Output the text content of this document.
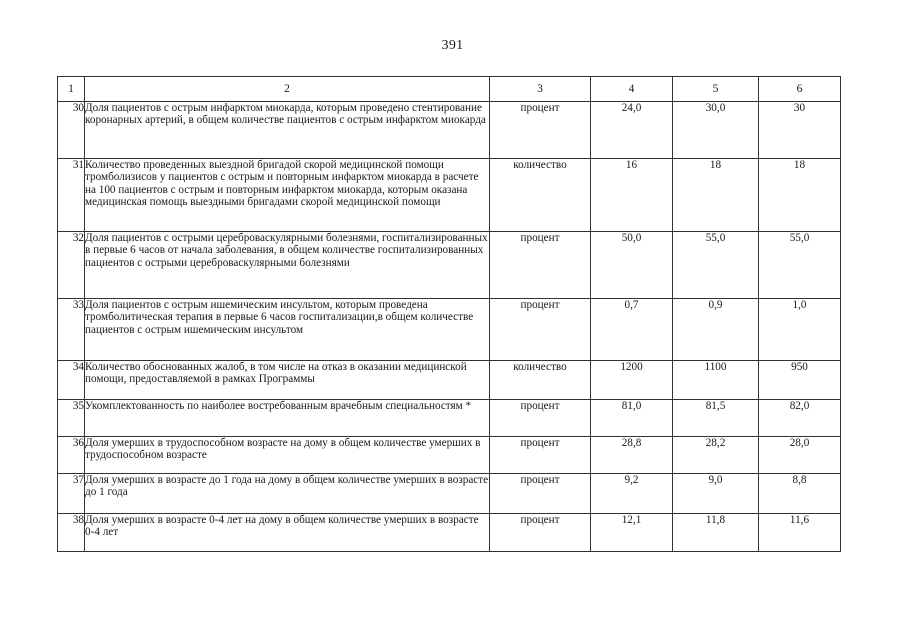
391
1	2	3	4	5	6
30	Доля пациентов с острым инфарктом миокарда, которым проведено стентирование коронарных артерий, в общем количестве пациентов с острым инфарктом миокарда	процент	24,0	30,0	30
31	Количество проведенных выездной бригадой скорой медицинской помощи тромболизисов у пациентов с острым и повторным инфарктом миокарда в расчете на 100 пациентов с острым и повторным инфарктом миокарда, которым оказана медицинская помощь выездными бригадами скорой медицинской помощи	количество	16	18	18
32	Доля пациентов с острыми цереброваскулярными болезнями, госпитализированных в первые 6 часов от начала заболевания, в общем количестве госпитализированных пациентов с острыми цереброваскулярными болезнями	процент	50,0	55,0	55,0
33	Доля пациентов с острым ишемическим инсультом, которым проведена тромболитическая терапия в первые 6 часов госпитализации,в общем количестве пациентов с острым ишемическим инсультом	процент	0,7	0,9	1,0
34	Количество обоснованных жалоб, в том числе на отказ в оказании медицинской помощи, предоставляемой в рамках Программы	количество	1200	1100	950
35	Укомплектованность по наиболее востребованным врачебным специальностям *	процент	81,0	81,5	82,0
36	Доля умерших в трудоспособном возрасте на дому в общем количестве умерших в трудоспособном возрасте	процент	28,8	28,2	28,0
37	Доля умерших в возрасте до 1 года на дому в общем количестве умерших в возрасте до 1 года	процент	9,2	9,0	8,8
38	Доля умерших в возрасте 0-4 лет на дому в общем количестве умерших в возрасте 0-4 лет	процент	12,1	11,8	11,6
